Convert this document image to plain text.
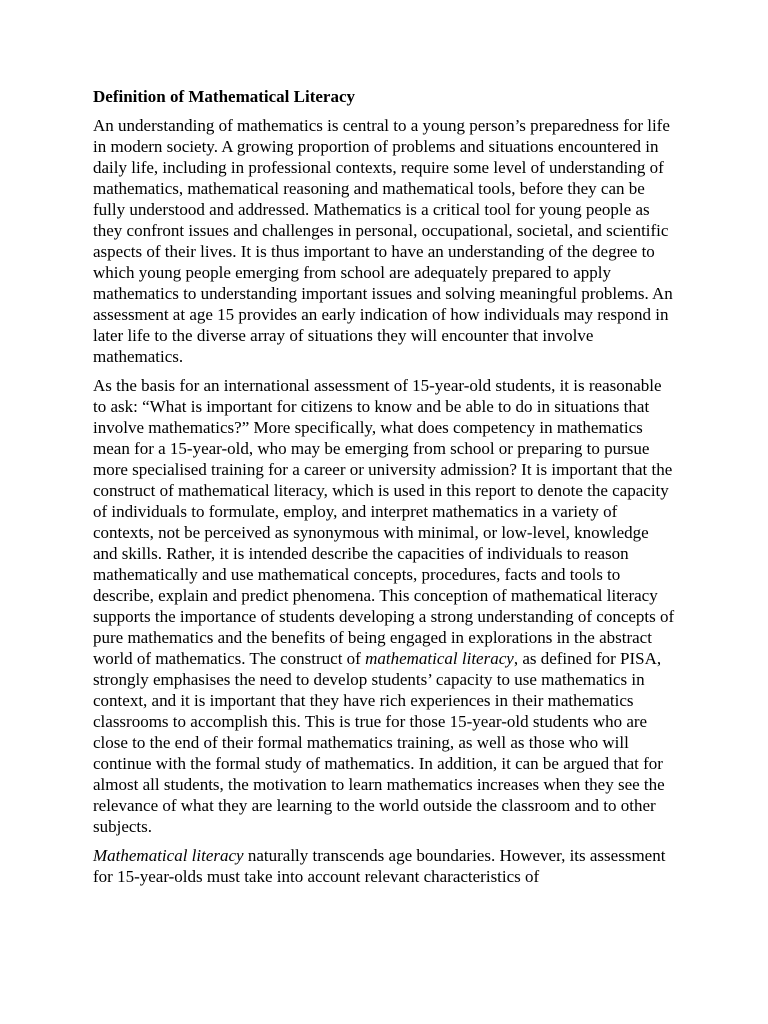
Definition of Mathematical Literacy

An understanding of mathematics is central to a young person’s preparedness for life in modern society. A growing proportion of problems and situations encountered in daily life, including in professional contexts, require some level of understanding of mathematics, mathematical reasoning and mathematical tools, before they can be fully understood and addressed. Mathematics is a critical tool for young people as they confront issues and challenges in personal, occupational, societal, and scientific aspects of their lives. It is thus important to have an understanding of the degree to which young people emerging from school are adequately prepared to apply mathematics to understanding important issues and solving meaningful problems. An assessment at age 15 provides an early indication of how individuals may respond in later life to the diverse array of situations they will encounter that involve mathematics.

As the basis for an international assessment of 15-year-old students, it is reasonable to ask: “What is important for citizens to know and be able to do in situations that involve mathematics?” More specifically, what does competency in mathematics mean for a 15-year-old, who may be emerging from school or preparing to pursue more specialised training for a career or university admission? It is important that the construct of mathematical literacy, which is used in this report to denote the capacity of individuals to formulate, employ, and interpret mathematics in a variety of contexts, not be perceived as synonymous with minimal, or low-level, knowledge and skills. Rather, it is intended describe the capacities of individuals to reason mathematically and use mathematical concepts, procedures, facts and tools to describe, explain and predict phenomena. This conception of mathematical literacy supports the importance of students developing a strong understanding of concepts of pure mathematics and the benefits of being engaged in explorations in the abstract world of mathematics. The construct of mathematical literacy, as defined for PISA, strongly emphasises the need to develop students’ capacity to use mathematics in context, and it is important that they have rich experiences in their mathematics classrooms to accomplish this. This is true for those 15-year-old students who are close to the end of their formal mathematics training, as well as those who will continue with the formal study of mathematics. In addition, it can be argued that for almost all students, the motivation to learn mathematics increases when they see the relevance of what they are learning to the world outside the classroom and to other subjects.

Mathematical literacy naturally transcends age boundaries. However, its assessment for 15-year-olds must take into account relevant characteristics of
